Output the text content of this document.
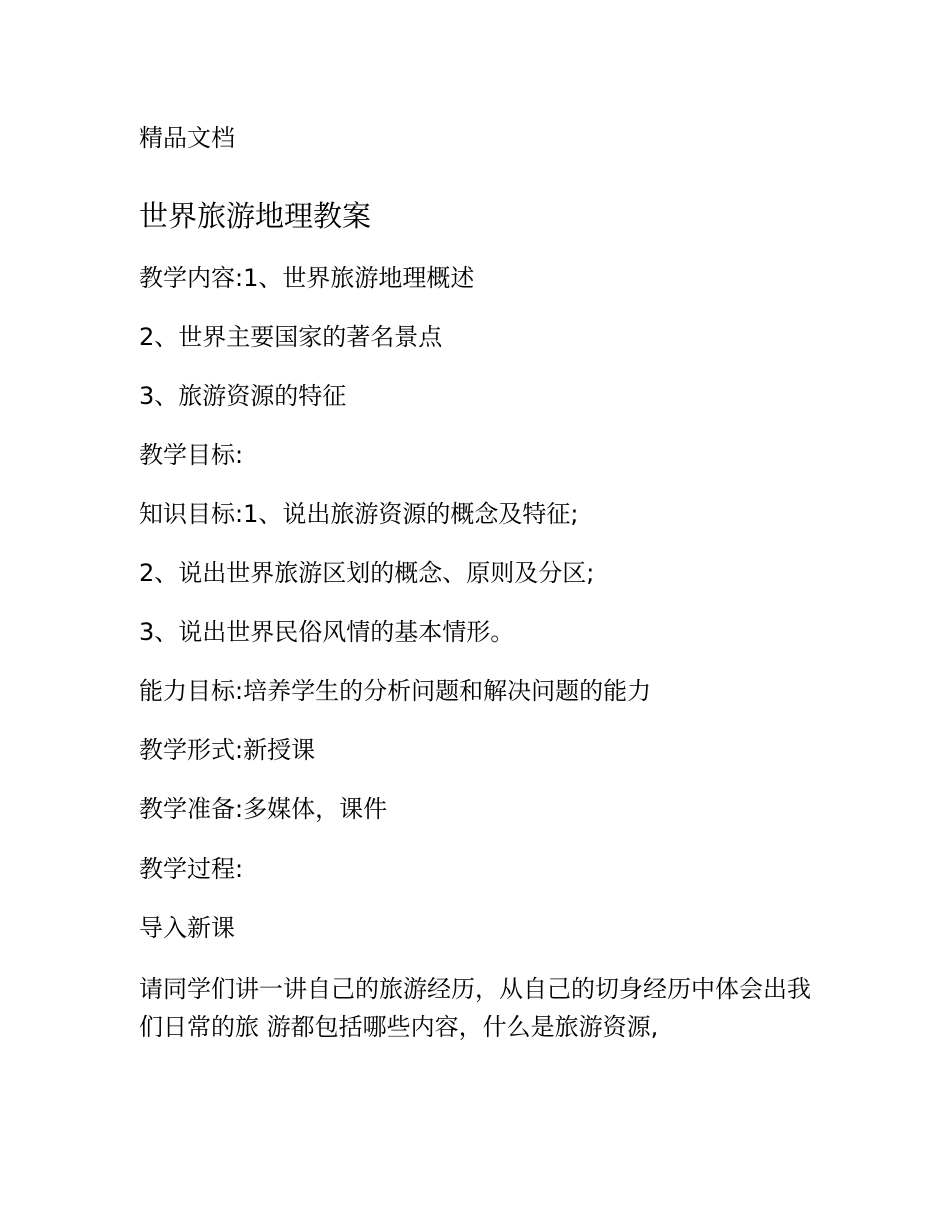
精品文档
世界旅游地理教案
教学内容:1、世界旅游地理概述
2、世界主要国家的著名景点
3、旅游资源的特征
教学目标:
知识目标:1、说出旅游资源的概念及特征;
2、说出世界旅游区划的概念、原则及分区;
3、说出世界民俗风情的基本情形。
能力目标:培养学生的分析问题和解决问题的能力
教学形式:新授课
教学准备:多媒体，课件
教学过程:
导入新课
请同学们讲一讲自己的旅游经历，从自己的切身经历中体会出我们日常的旅 游都包括哪些内容，什么是旅游资源,
